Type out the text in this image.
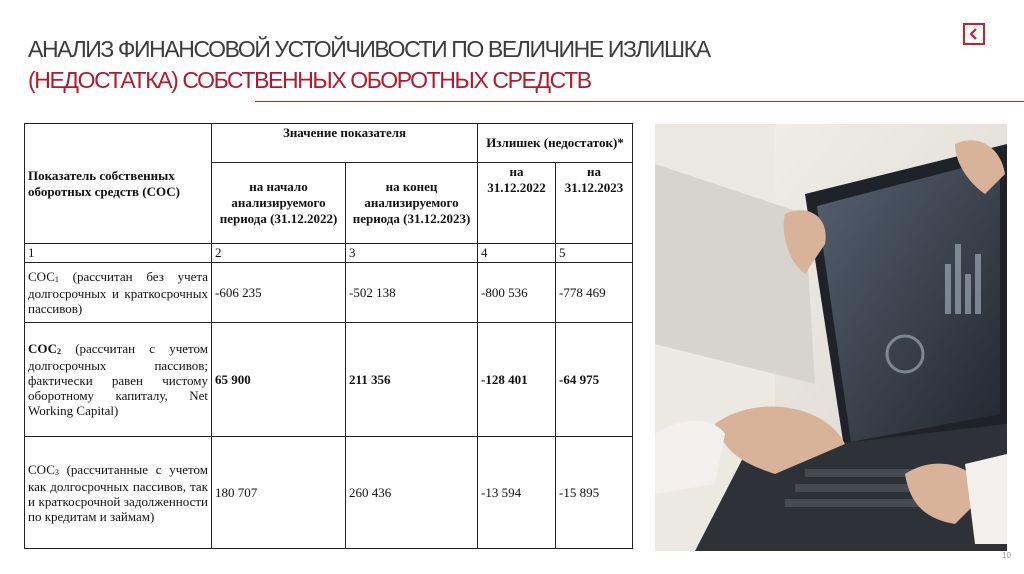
АНАЛИЗ ФИНАНСОВОЙ УСТОЙЧИВОСТИ ПО ВЕЛИЧИНЕ ИЗЛИШКА
(НЕДОСТАТКА) СОБСТВЕННЫХ ОБОРОТНЫХ СРЕДСТВ
Показатель собственных оборотных средств (СОС)	Значение показателя		Излишек (недостаток)*	
	на начало анализируемого периода (31.12.2022)	на конец анализируемого периода (31.12.2023)	на 31.12.2022	на 31.12.2023
1	2	3	4	5
$СОС_1$ (рассчитан без учета долгосрочных и краткосрочных пассивов)	-606 235	-502 138	-800 536	-778 469
$СОС_2$ (рассчитан с учетом долгосрочных пассивов; фактически равен чистому оборотному капиталу, Net Working Capital)	65 900	211 356	-128 401	-64 975
$СОС_3$ (рассчитанные с учетом как долгосрочных пассивов, так и краткосрочной задолженности по кредитам и займам)	180 707	260 436	-13 594	-15 895
10
